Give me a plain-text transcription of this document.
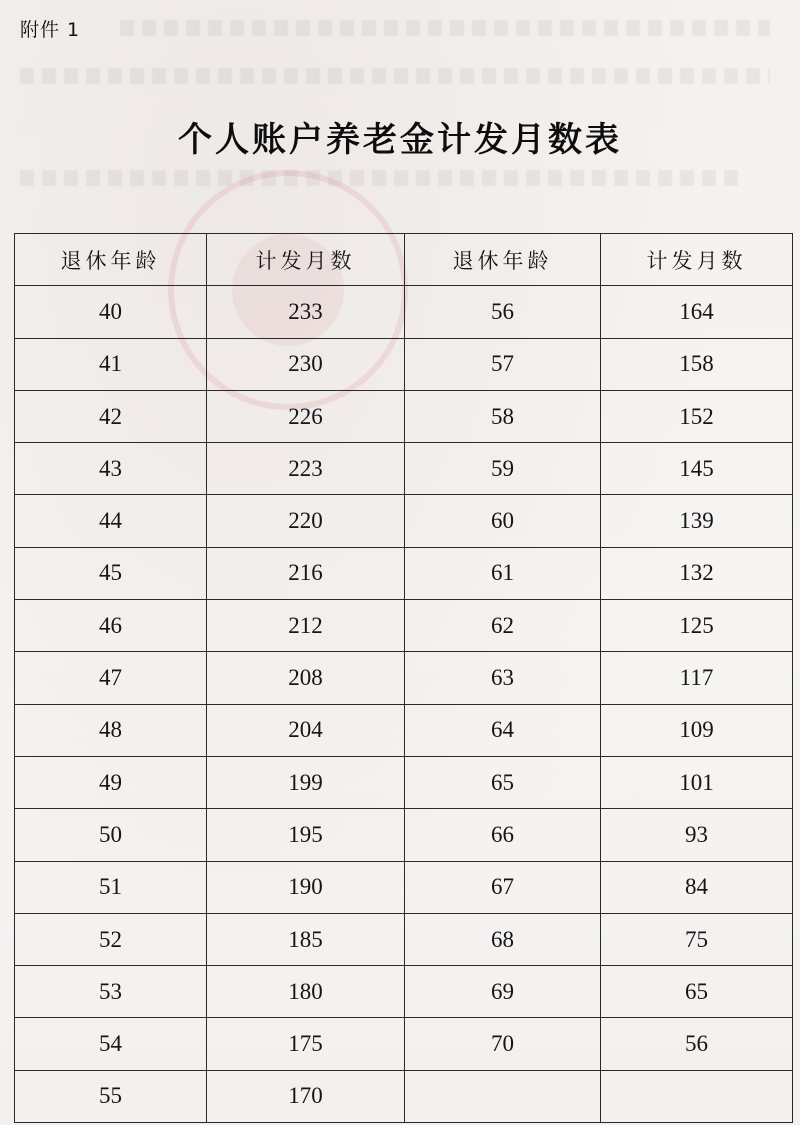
附件 1
个人账户养老金计发月数表
退休年龄	计发月数	退休年龄	计发月数
40	233	56	164
41	230	57	158
42	226	58	152
43	223	59	145
44	220	60	139
45	216	61	132
46	212	62	125
47	208	63	117
48	204	64	109
49	199	65	101
50	195	66	93
51	190	67	84
52	185	68	75
53	180	69	65
54	175	70	56
55	170		
